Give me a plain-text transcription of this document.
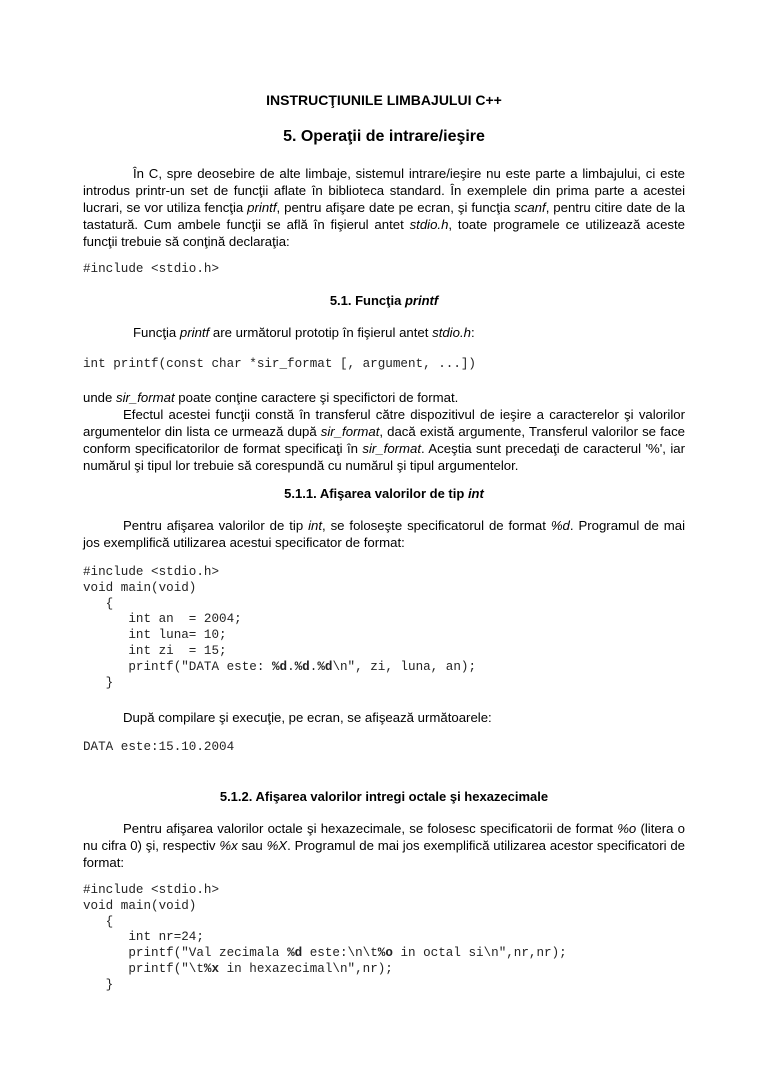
INSTRUCŢIUNILE LIMBAJULUI C++
5. Operaţii de intrare/ieşire
În C, spre deosebire de alte limbaje, sistemul intrare/ieşire nu este parte a limbajului, ci este introdus printr-un set de funcţii aflate în biblioteca standard. În exemplele din prima parte a acestei lucrari, se vor utiliza fencţia printf, pentru afişare date pe ecran, şi funcţia scanf, pentru citire date de la tastatură. Cum ambele funcţii se află în fişierul antet stdio.h, toate programele ce utilizează aceste funcţii trebuie să conţină declaraţia:
#include <stdio.h>
5.1. Funcţia printf
Funcţia printf are următorul prototip în fişierul antet stdio.h:
int printf(const char *sir_format [, argument, ...])
unde sir_format poate conţine caractere şi specifictori de format.
Efectul acestei funcţii constă în transferul către dispozitivul de ieşire a caracterelor şi valorilor argumentelor din lista ce urmează după sir_format, dacă există argumente, Transferul valorilor se face conform specificatorilor de format specificaţi în sir_format. Aceştia sunt precedaţi de caracterul '%', iar numărul şi tipul lor trebuie să corespundă cu numărul şi tipul argumentelor.
5.1.1. Afişarea valorilor de tip int
Pentru afişarea valorilor de tip int, se foloseşte specificatorul de format %d. Programul de mai jos exemplifică utilizarea acestui specificator de format:
#include <stdio.h>
void main(void)
{
int an  = 2004;
int luna= 10;
int zi  = 15;
printf("DATA este: %d.%d.%d\n", zi, luna, an);
}
După compilare şi execuţie, pe ecran, se afişează următoarele:
DATA este:15.10.2004
5.1.2. Afişarea valorilor intregi octale şi hexazecimale
Pentru afişarea valorilor octale şi hexazecimale, se folosesc specificatorii de format %o (litera o nu cifra 0) şi, respectiv %x sau %X. Programul de mai jos exemplifică utilizarea acestor specificatori de format:
#include <stdio.h>
void main(void)
{
int nr=24;
printf("Val zecimala %d este:\n\t%o in octal si\n",nr,nr);
printf("\t%x in hexazecimal\n",nr);
}
